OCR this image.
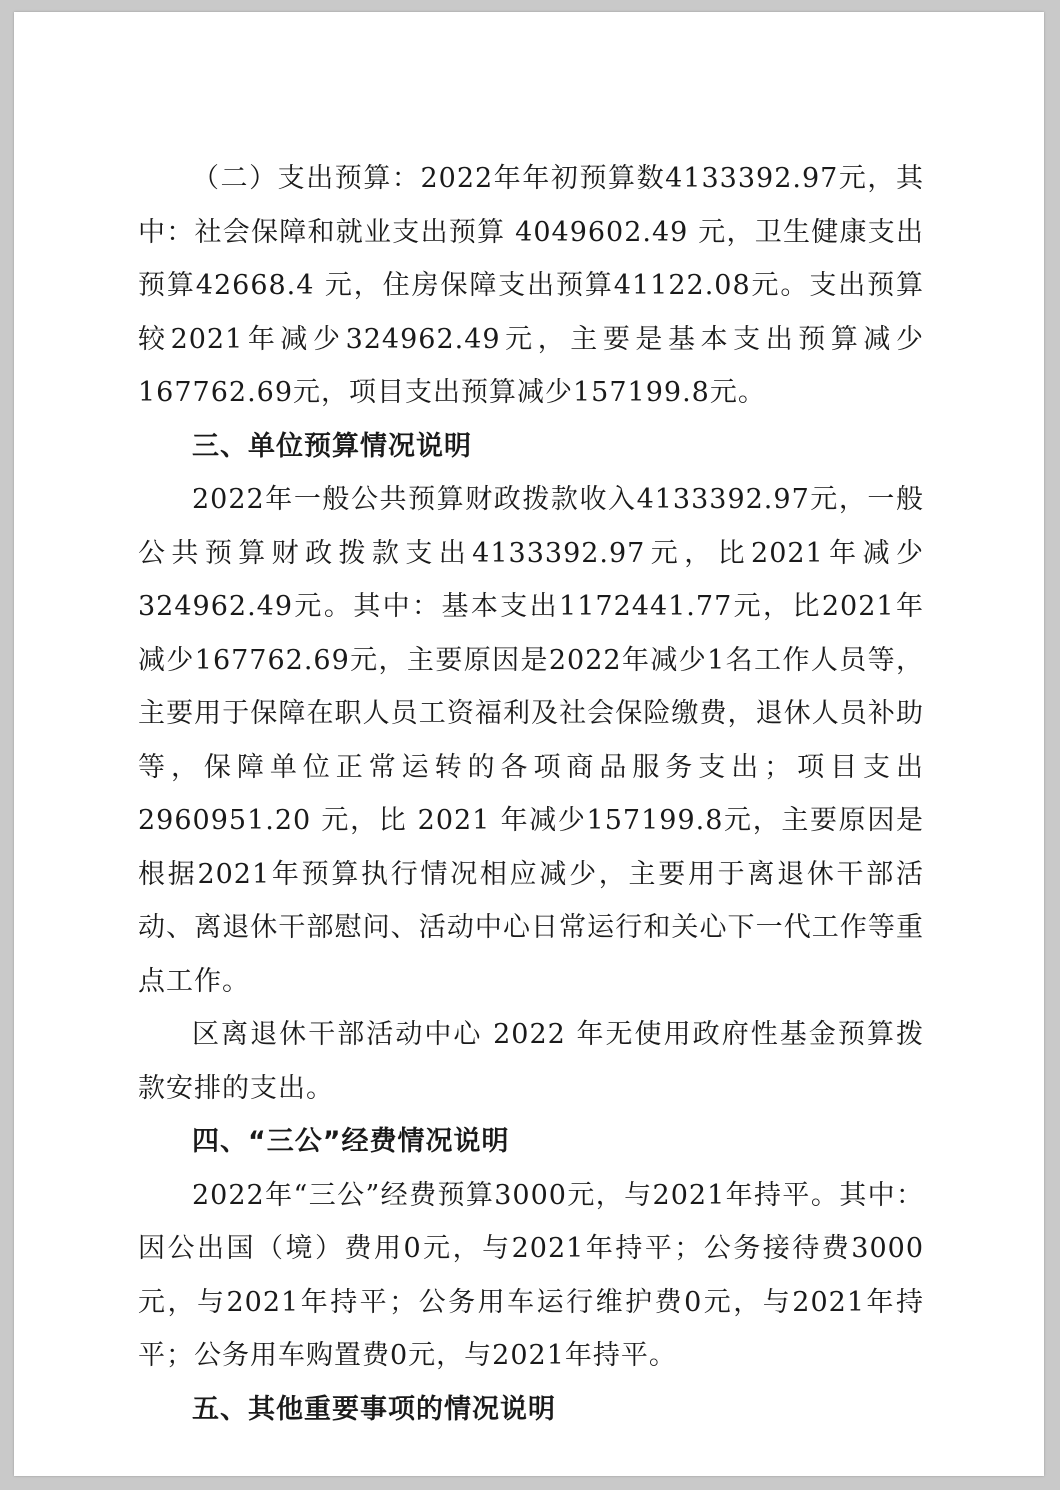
（二）支出预算：2022年年初预算数4133392.97元，其中：社会保障和就业支出预算 4049602.49 元，卫生健康支出预算42668.4 元，住房保障支出预算41122.08元。支出预算较2021年减少324962.49元，主要是基本支出预算减少167762.69元，项目支出预算减少157199.8元。

三、单位预算情况说明

2022年一般公共预算财政拨款收入4133392.97元，一般公共预算财政拨款支出4133392.97元，比2021年减少324962.49元。其中：基本支出1172441.77元，比2021年减少167762.69元，主要原因是2022年减少1名工作人员等，主要用于保障在职人员工资福利及社会保险缴费，退休人员补助等，保障单位正常运转的各项商品服务支出；项目支出 2960951.20 元，比 2021 年减少157199.8元，主要原因是根据2021年预算执行情况相应减少，主要用于离退休干部活动、离退休干部慰问、活动中心日常运行和关心下一代工作等重点工作。

区离退休干部活动中心 2022 年无使用政府性基金预算拨款安排的支出。

四、“三公”经费情况说明

2022年“三公”经费预算3000元，与2021年持平。其中：因公出国（境）费用0元，与2021年持平；公务接待费3000元，与2021年持平；公务用车运行维护费0元，与2021年持平；公务用车购置费0元，与2021年持平。

五、其他重要事项的情况说明
